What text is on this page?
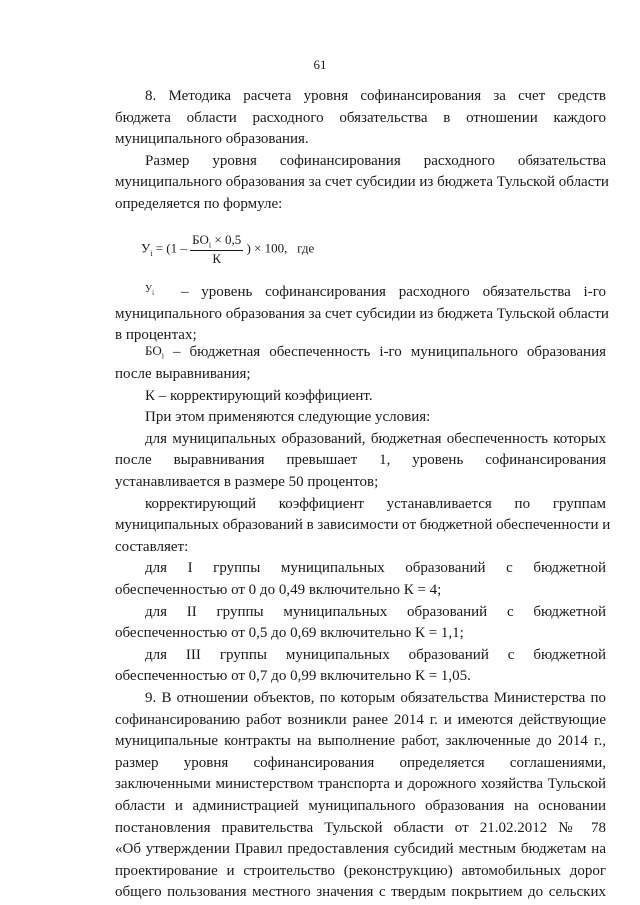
61
8. Методика расчета уровня софинансирования за счет средств
бюджета области расходного обязательства в отношении каждого
муниципального образования.
Размер уровня софинансирования расходного обязательства
муниципального образования за счет субсидии из бюджета Тульской области
определяется по формуле:
$У_i = (1 - \frac{БО_i \times 0,5}{К}$ ) × 100, где
$У_i$ – уровень софинансирования расходного обязательства i-го
муниципального образования за счет субсидии из бюджета Тульской области
в процентах;
$БО_i$ – бюджетная обеспеченность i-го муниципального образования
после выравнивания;
К – корректирующий коэффициент.
При этом применяются следующие условия:
для муниципальных образований, бюджетная обеспеченность которых
после выравнивания превышает 1, уровень софинансирования
устанавливается в размере 50 процентов;
корректирующий коэффициент устанавливается по группам
муниципальных образований в зависимости от бюджетной обеспеченности и
составляет:
для I группы муниципальных образований с бюджетной
обеспеченностью от 0 до 0,49 включительно К = 4;
для II группы муниципальных образований с бюджетной
обеспеченностью от 0,5 до 0,69 включительно К = 1,1;
для III группы муниципальных образований с бюджетной
обеспеченностью от 0,7 до 0,99 включительно К = 1,05.
9. В отношении объектов, по которым обязательства Министерства по
софинансированию работ возникли ранее 2014 г. и имеются действующие
муниципальные контракты на выполнение работ, заключенные до 2014 г.,
размер уровня софинансирования определяется соглашениями,
заключенными министерством транспорта и дорожного хозяйства Тульской
области и администрацией муниципального образования на основании
постановления правительства Тульской области от 21.02.2012 № 78
«Об утверждении Правил предоставления субсидий местным бюджетам на
проектирование и строительство (реконструкцию) автомобильных дорог
общего пользования местного значения с твердым покрытием до сельских
